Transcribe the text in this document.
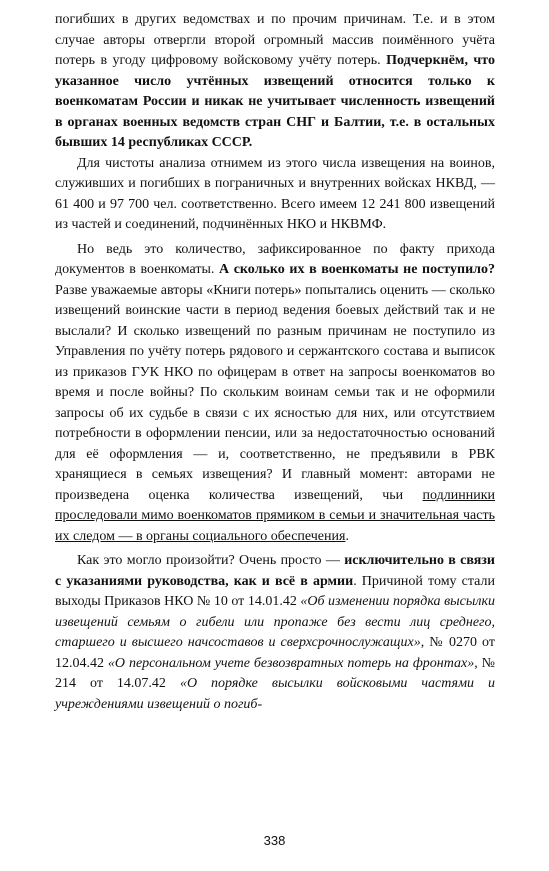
погибших в других ведомствах и по прочим причинам. Т.е. и в этом случае авторы отвергли второй огромный массив поимённого учёта потерь в угоду цифровому войсковому учёту потерь. Подчеркнём, что указанное число учтённых извещений относится только к военкоматам России и никак не учитывает численность извещений в органах военных ведомств стран СНГ и Балтии, т.е. в остальных бывших 14 республиках СССР.

Для чистоты анализа отнимем из этого числа извещения на воинов, служивших и погибших в пограничных и внутренних войсках НКВД, — 61 400 и 97 700 чел. соответственно. Всего имеем 12 241 800 извещений из частей и соединений, подчинённых НКО и НКВМФ.

Но ведь это количество, зафиксированное по факту прихода документов в военкоматы. А сколько их в военкоматы не поступило? Разве уважаемые авторы «Книги потерь» попытались оценить — сколько извещений воинские части в период ведения боевых действий так и не выслали? И сколько извещений по разным причинам не поступило из Управления по учёту потерь рядового и сержантского состава и выписок из приказов ГУК НКО по офицерам в ответ на запросы военкоматов во время и после войны? По скольким воинам семьи так и не оформили запросы об их судьбе в связи с их ясностью для них, или отсутствием потребности в оформлении пенсии, или за недостаточностью оснований для её оформления — и, соответственно, не предъявили в РВК хранящиеся в семьях извещения? И главный момент: авторами не произведена оценка количества извещений, чьи подлинники проследовали мимо военкоматов прямиком в семьи и значительная часть их следом — в органы социального обеспечения.

Как это могло произойти? Очень просто — исключительно в связи с указаниями руководства, как и всё в армии. Причиной тому стали выходы Приказов НКО № 10 от 14.01.42 «Об изменении порядка высылки извещений семьям о гибели или пропаже без вести лиц среднего, старшего и высшего начсоставов и сверхсрочнослужащих», № 0270 от 12.04.42 «О персональном учете безвозвратных потерь на фронтах», № 214 от 14.07.42 «О порядке высылки войсковыми частями и учреждениями извещений о погиб-

338
